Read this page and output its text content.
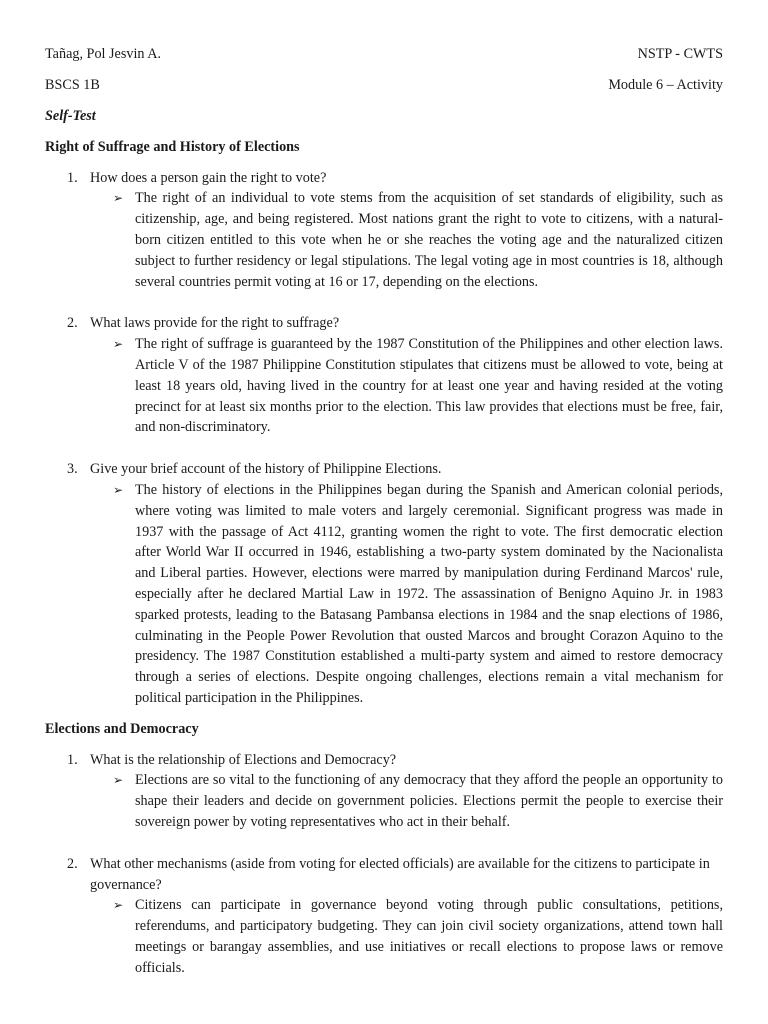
Tañag, Pol Jesvin A.	NSTP - CWTS
BSCS 1B	Module 6 – Activity
Self-Test
Right of Suffrage and History of Elections
1. How does a person gain the right to vote?
➢ The right of an individual to vote stems from the acquisition of set standards of eligibility, such as citizenship, age, and being registered. Most nations grant the right to vote to citizens, with a natural-born citizen entitled to this vote when he or she reaches the voting age and the naturalized citizen subject to further residency or legal stipulations. The legal voting age in most countries is 18, although several countries permit voting at 16 or 17, depending on the elections.
2. What laws provide for the right to suffrage?
➢ The right of suffrage is guaranteed by the 1987 Constitution of the Philippines and other election laws. Article V of the 1987 Philippine Constitution stipulates that citizens must be allowed to vote, being at least 18 years old, having lived in the country for at least one year and having resided at the voting precinct for at least six months prior to the election. This law provides that elections must be free, fair, and non-discriminatory.
3. Give your brief account of the history of Philippine Elections.
➢ The history of elections in the Philippines began during the Spanish and American colonial periods, where voting was limited to male voters and largely ceremonial. Significant progress was made in 1937 with the passage of Act 4112, granting women the right to vote. The first democratic election after World War II occurred in 1946, establishing a two-party system dominated by the Nacionalista and Liberal parties. However, elections were marred by manipulation during Ferdinand Marcos' rule, especially after he declared Martial Law in 1972. The assassination of Benigno Aquino Jr. in 1983 sparked protests, leading to the Batasang Pambansa elections in 1984 and the snap elections of 1986, culminating in the People Power Revolution that ousted Marcos and brought Corazon Aquino to the presidency. The 1987 Constitution established a multi-party system and aimed to restore democracy through a series of elections. Despite ongoing challenges, elections remain a vital mechanism for political participation in the Philippines.
Elections and Democracy
1. What is the relationship of Elections and Democracy?
➢ Elections are so vital to the functioning of any democracy that they afford the people an opportunity to shape their leaders and decide on government policies. Elections permit the people to exercise their sovereign power by voting representatives who act in their behalf.
2. What other mechanisms (aside from voting for elected officials) are available for the citizens to participate in governance?
➢ Citizens can participate in governance beyond voting through public consultations, petitions, referendums, and participatory budgeting. They can join civil society organizations, attend town hall meetings or barangay assemblies, and use initiatives or recall elections to propose laws or remove officials.
